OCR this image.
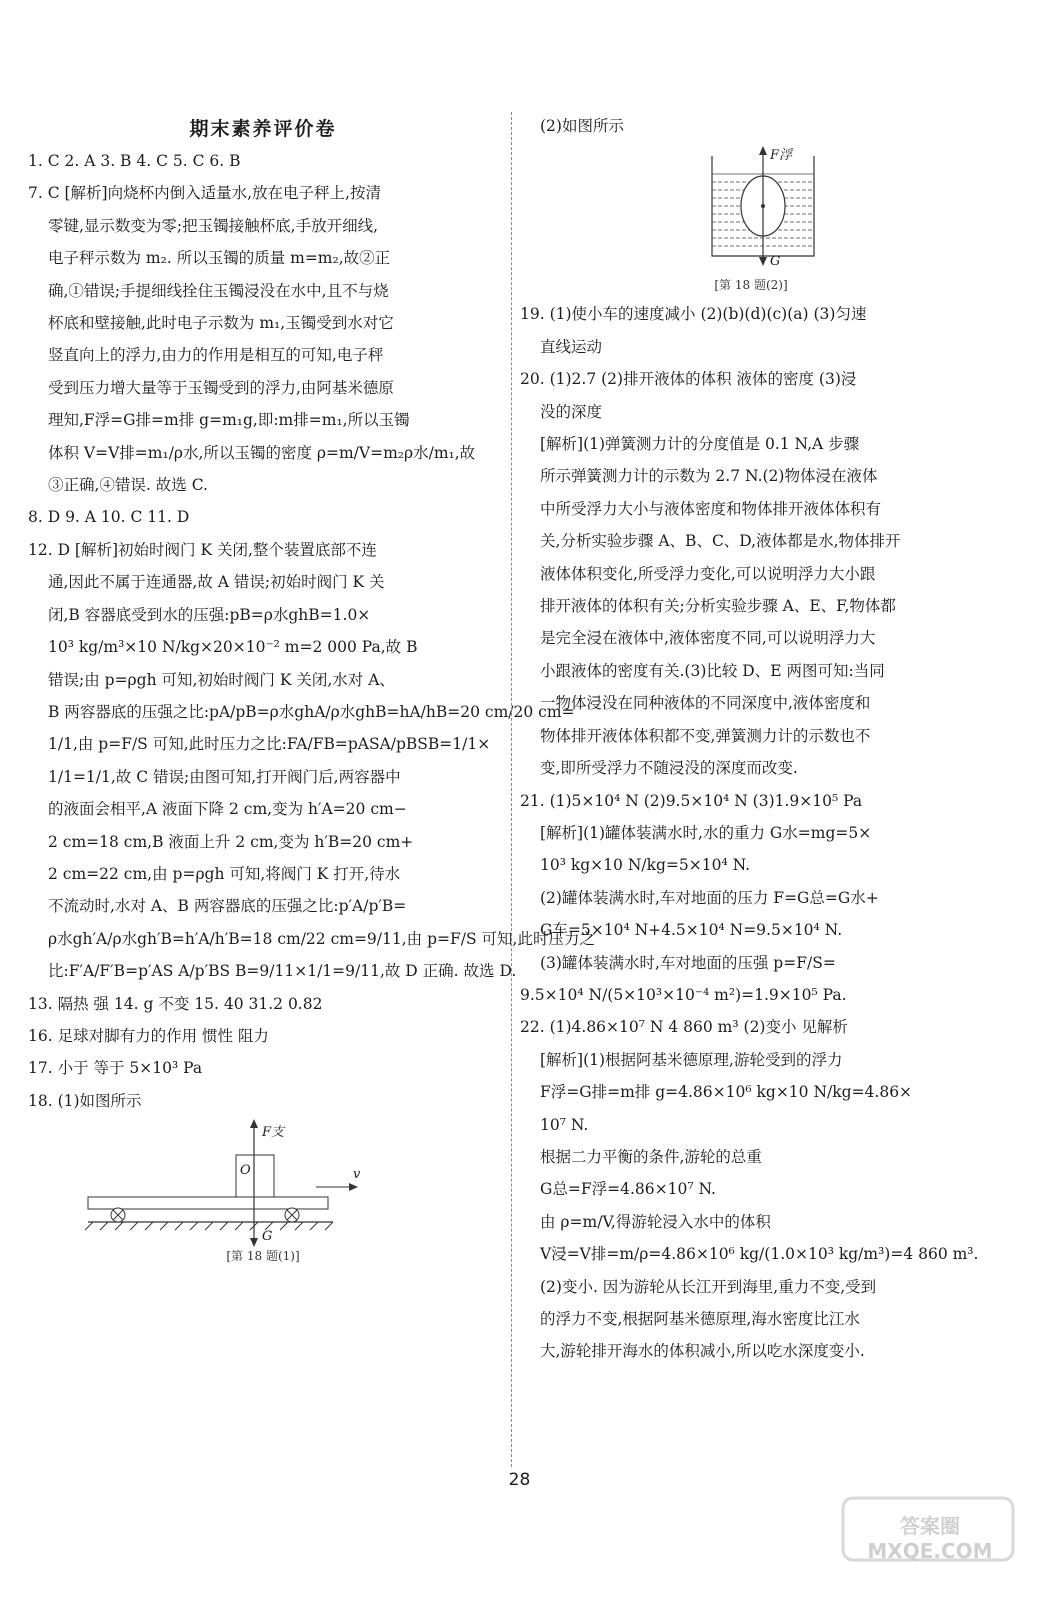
期末素养评价卷
1. C 2. A 3. B 4. C 5. C 6. B
7. C [解析]向烧杯内倒入适量水,放在电子秤上,按清
零键,显示数变为零;把玉镯接触杯底,手放开细线,
电子秤示数为 m₂. 所以玉镯的质量 m=m₂,故②正
确,①错误;手提细线拴住玉镯浸没在水中,且不与烧
杯底和壁接触,此时电子示数为 m₁,玉镯受到水对它
竖直向上的浮力,由力的作用是相互的可知,电子秤
受到压力增大量等于玉镯受到的浮力,由阿基米德原
理知,F浮=G排=m排 g=m₁g,即:m排=m₁,所以玉镯
体积 V=V排=m₁/ρ水,所以玉镯的密度 ρ=m/V=m₂ρ水/m₁,故
③正确,④错误. 故选 C.
8. D 9. A 10. C 11. D
12. D [解析]初始时阀门 K 关闭,整个装置底部不连
通,因此不属于连通器,故 A 错误;初始时阀门 K 关
闭,B 容器底受到水的压强:pB=ρ水ghB=1.0×
10³ kg/m³×10 N/kg×20×10⁻² m=2 000 Pa,故 B
错误;由 p=ρgh 可知,初始时阀门 K 关闭,水对 A、
B 两容器底的压强之比:pA/pB=ρ水ghA/ρ水ghB=hA/hB=20 cm/20 cm=
1/1,由 p=F/S 可知,此时压力之比:FA/FB=pASA/pBSB=1/1×
1/1=1/1,故 C 错误;由图可知,打开阀门后,两容器中
的液面会相平,A 液面下降 2 cm,变为 h′A=20 cm−
2 cm=18 cm,B 液面上升 2 cm,变为 h′B=20 cm+
2 cm=22 cm,由 p=ρgh 可知,将阀门 K 打开,待水
不流动时,水对 A、B 两容器底的压强之比:p′A/p′B=
ρ水gh′A/ρ水gh′B=h′A/h′B=18 cm/22 cm=9/11,由 p=F/S 可知,此时压力之
比:F′A/F′B=p′AS A/p′BS B=9/11×1/1=9/11,故 D 正确. 故选 D.
13. 隔热 强 14. g 不变 15. 40 31.2 0.82
16. 足球对脚有力的作用 惯性 阻力
17. 小于 等于 5×10³ Pa
18. (1)如图所示
F支
O	v
G
[第 18 题(1)]
(2)如图所示
F浮
G
[第 18 题(2)]
19. (1)使小车的速度减小 (2)(b)(d)(c)(a) (3)匀速
直线运动
20. (1)2.7 (2)排开液体的体积 液体的密度 (3)浸
没的深度
[解析](1)弹簧测力计的分度值是 0.1 N,A 步骤
所示弹簧测力计的示数为 2.7 N.(2)物体浸在液体
中所受浮力大小与液体密度和物体排开液体体积有
关,分析实验步骤 A、B、C、D,液体都是水,物体排开
液体体积变化,所受浮力变化,可以说明浮力大小跟
排开液体的体积有关;分析实验步骤 A、E、F,物体都
是完全浸在液体中,液体密度不同,可以说明浮力大
小跟液体的密度有关.(3)比较 D、E 两图可知:当同
一物体浸没在同种液体的不同深度中,液体密度和
物体排开液体体积都不变,弹簧测力计的示数也不
变,即所受浮力不随浸没的深度而改变.
21. (1)5×10⁴ N (2)9.5×10⁴ N (3)1.9×10⁵ Pa
[解析](1)罐体装满水时,水的重力 G水=mg=5×
10³ kg×10 N/kg=5×10⁴ N.
(2)罐体装满水时,车对地面的压力 F=G总=G水+
G车=5×10⁴ N+4.5×10⁴ N=9.5×10⁴ N.
(3)罐体装满水时,车对地面的压强 p=F/S=
9.5×10⁴ N/(5×10³×10⁻⁴ m²)=1.9×10⁵ Pa.
22. (1)4.86×10⁷ N 4 860 m³ (2)变小 见解析
[解析](1)根据阿基米德原理,游轮受到的浮力
F浮=G排=m排 g=4.86×10⁶ kg×10 N/kg=4.86×
10⁷ N.
根据二力平衡的条件,游轮的总重
G总=F浮=4.86×10⁷ N.
由 ρ=m/V,得游轮浸入水中的体积
V浸=V排=m/ρ=4.86×10⁶ kg/(1.0×10³ kg/m³)=4 860 m³.
(2)变小. 因为游轮从长江开到海里,重力不变,受到
的浮力不变,根据阿基米德原理,海水密度比江水
大,游轮排开海水的体积减小,所以吃水深度变小.
28
答案圈 MXQE.COM
